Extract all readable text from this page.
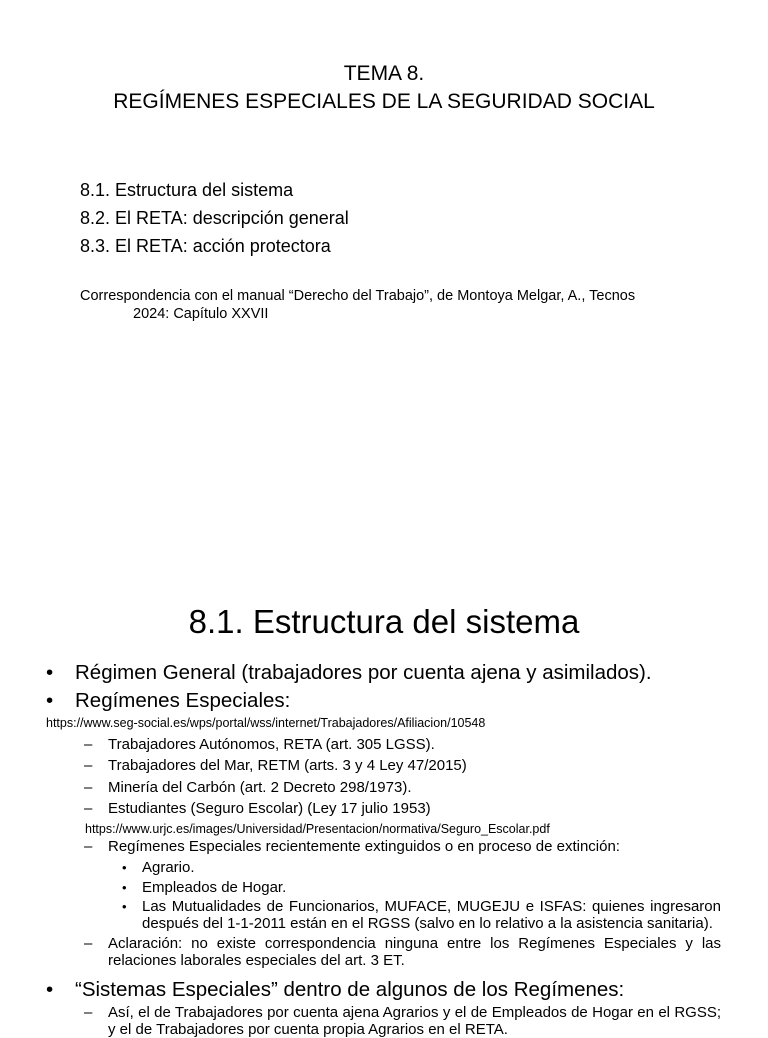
TEMA 8.
REGÍMENES ESPECIALES DE LA SEGURIDAD SOCIAL
8.1. Estructura del sistema
8.2. El RETA: descripción general
8.3. El RETA: acción protectora
Correspondencia con el manual “Derecho del Trabajo”, de Montoya Melgar, A., Tecnos
2024: Capítulo XXVII
8.1. Estructura del sistema
• Régimen General (trabajadores por cuenta ajena y asimilados).
• Regímenes Especiales:
https://www.seg-social.es/wps/portal/wss/internet/Trabajadores/Afiliacion/10548
– Trabajadores Autónomos, RETA (art. 305 LGSS).
– Trabajadores del Mar, RETM (arts. 3 y 4 Ley 47/2015)
– Minería del Carbón (art. 2 Decreto 298/1973).
– Estudiantes (Seguro Escolar) (Ley 17 julio 1953)
https://www.urjc.es/images/Universidad/Presentacion/normativa/Seguro_Escolar.pdf
– Regímenes Especiales recientemente extinguidos o en proceso de extinción:
• Agrario.
• Empleados de Hogar.
• Las Mutualidades de Funcionarios, MUFACE, MUGEJU e ISFAS: quienes ingresaron después del 1-1-2011 están en el RGSS (salvo en lo relativo a la asistencia sanitaria).
– Aclaración: no existe correspondencia ninguna entre los Regímenes Especiales y las relaciones laborales especiales del art. 3 ET.
• “Sistemas Especiales” dentro de algunos de los Regímenes:
– Así, el de Trabajadores por cuenta ajena Agrarios y el de Empleados de Hogar en el RGSS; y el de Trabajadores por cuenta propia Agrarios en el RETA.
